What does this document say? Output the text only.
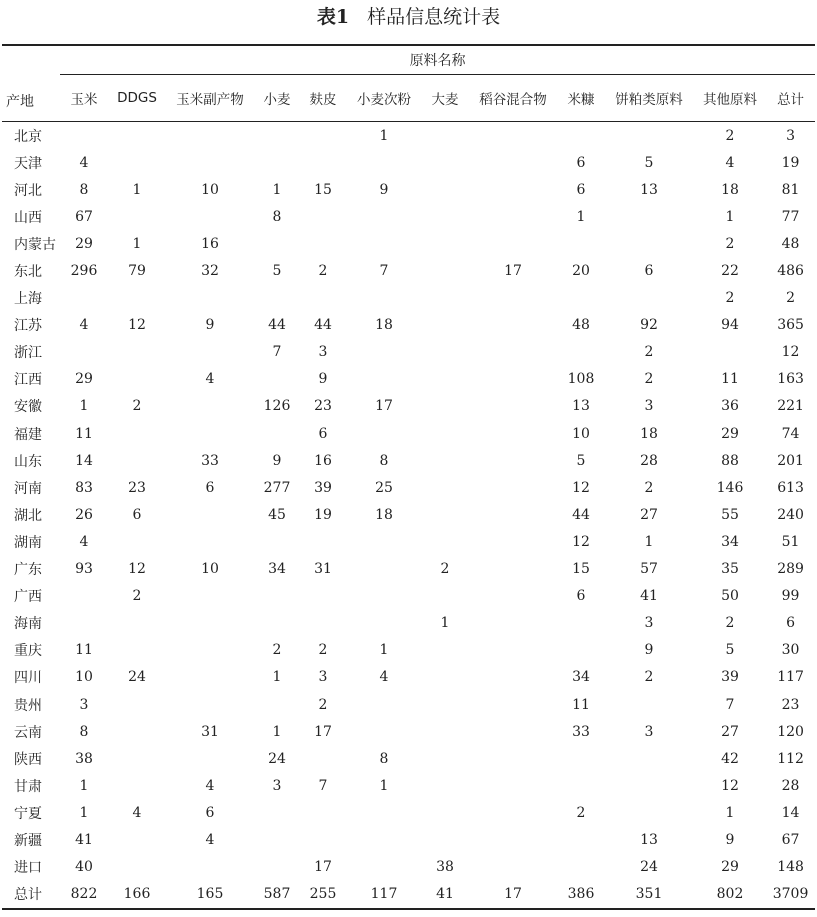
表1 样品信息统计表
产地	原料名称											
	玉米	DDGS	玉米副产物	小麦	麸皮	小麦次粉	大麦	稻谷混合物	米糠	饼粕类原料	其他原料	总计
北京						1					2	3
天津	4								6	5	4	19
河北	8	1	10	1	15	9			6	13	18	81
山西	67			8					1		1	77
内蒙古	29	1	16								2	48
东北	296	79	32	5	2	7		17	20	6	22	486
上海											2	2
江苏	4	12	9	44	44	18			48	92	94	365
浙江				7	3					2		12
江西	29		4		9				108	2	11	163
安徽	1	2		126	23	17			13	3	36	221
福建	11				6				10	18	29	74
山东	14		33	9	16	8			5	28	88	201
河南	83	23	6	277	39	25			12	2	146	613
湖北	26	6		45	19	18			44	27	55	240
湖南	4								12	1	34	51
广东	93	12	10	34	31		2		15	57	35	289
广西		2							6	41	50	99
海南							1			3	2	6
重庆	11			2	2	1				9	5	30
四川	10	24		1	3	4			34	2	39	117
贵州	3				2				11		7	23
云南	8		31	1	17				33	3	27	120
陕西	38			24		8					42	112
甘肃	1		4	3	7	1					12	28
宁夏	1	4	6						2		1	14
新疆	41		4							13	9	67
进口	40				17		38			24	29	148
总计	822	166	165	587	255	117	41	17	386	351	802	3709
